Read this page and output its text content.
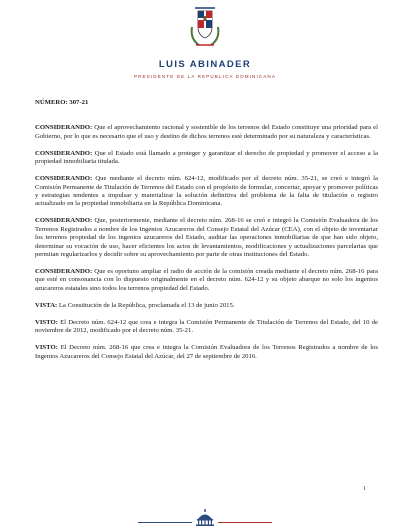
LUIS ABINADER
PRESIDENTE DE LA REPÚBLICA DOMINICANA

NÚMERO: 307-21

CONSIDERANDO: Que el aprovechamiento racional y sostenible de los terrenos del Estado constituye una prioridad para el Gobierno, por lo que es necesario que el uso y destino de dichos terrenos esté determinado por su naturaleza y características.

CONSIDERANDO: Que el Estado está llamado a proteger y garantizar el derecho de propiedad y promover el acceso a la propiedad inmobiliaria titulada.

CONSIDERANDO: Que mediante el decreto núm. 624-12, modificado por el decreto núm. 35-21, se creó e integró la Comisión Permanente de Titulación de Terrenos del Estado con el propósito de formular, concertar, apoyar y promover políticas y estrategias tendentes a impulsar y materializar la solución definitiva del problema de la falta de titulación o registro actualizado en la propiedad inmobiliaria en la República Dominicana.

CONSIDERANDO: Que, posteriormente, mediante el decreto núm. 268-16 se creó e integró la Comisión Evaluadora de los Terrenos Registrados a nombre de los Ingenios Azucareros del Consejo Estatal del Azúcar (CEA), con el objeto de inventariar los terrenos propiedad de los ingenios azucareros del Estado, auditar las operaciones inmobiliarias de que han sido objeto, determinar su vocación de uso, hacer eficientes los actos de levantamientos, modificaciones y actualizaciones parcelarias que permitan regularizarlos y decidir sobre su aprovechamiento por parte de otras instituciones del Estado.

CONSIDERANDO: Que es oportuno ampliar el radio de acción de la comisión creada mediante el decreto núm. 268-16 para que esté en consonancia con lo dispuesto originalmente en el decreto núm. 624-12 y su objeto abarque no solo los ingenios azucareros estatales sino todos los terrenos propiedad del Estado.

VISTA: La Constitución de la República, proclamada el 13 de junio 2015.

VISTO: El Decreto núm. 624-12 que crea e integra la Comisión Permanente de Titulación de Terrenos del Estado, del 10 de noviembre de 2012, modificado por el decreto núm. 35-21.

VISTO: El Decreto núm. 268-16 que crea e integra la Comisión Evaluadora de los Terrenos Registrados a nombre de los Ingenios Azucareros del Consejo Estatal del Azúcar, del 27 de septiembre de 2016.

1
